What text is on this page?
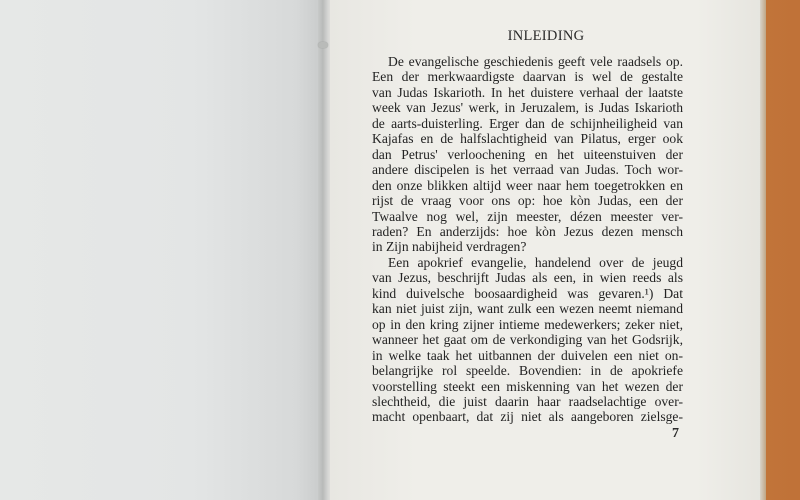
INLEIDING
De evangelische geschiedenis geeft vele raadsels op.
Een der merkwaardigste daarvan is wel de gestalte
van Judas Iskarioth. In het duistere verhaal der laatste
week van Jezus' werk, in Jeruzalem, is Judas Iskarioth
de aarts-duisterling. Erger dan de schijnheiligheid van
Kajafas en de halfslachtigheid van Pilatus, erger ook
dan Petrus' verloochening en het uiteenstuiven der
andere discipelen is het verraad van Judas. Toch wor-
den onze blikken altijd weer naar hem toegetrokken en
rijst de vraag voor ons op: hoe kòn Judas, een der
Twaalve nog wel, zijn meester, dézen meester ver-
raden? En anderzijds: hoe kòn Jezus dezen mensch
in Zijn nabijheid verdragen?
Een apokrief evangelie, handelend over de jeugd
van Jezus, beschrijft Judas als een, in wien reeds als
kind duivelsche boosaardigheid was gevaren.¹) Dat
kan niet juist zijn, want zulk een wezen neemt niemand
op in den kring zijner intieme medewerkers; zeker niet,
wanneer het gaat om de verkondiging van het Godsrijk,
in welke taak het uitbannen der duivelen een niet on-
belangrijke rol speelde. Bovendien: in de apokriefe
voorstelling steekt een miskenning van het wezen der
slechtheid, die juist daarin haar raadselachtige over-
macht openbaart, dat zij niet als aangeboren zielsge-
7
